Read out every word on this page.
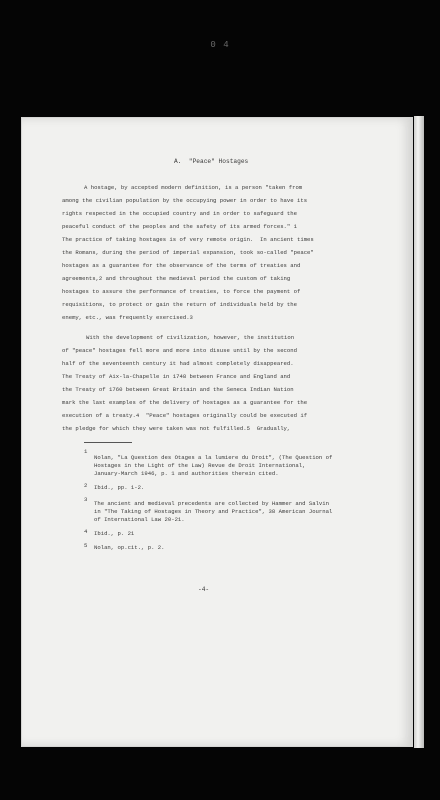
0 4
A.  "Peace" Hostages
A hostage, by accepted modern definition, is a person "taken from
among the civilian population by the occupying power in order to have its
rights respected in the occupied country and in order to safeguard the
peaceful conduct of the peoples and the safety of its armed forces." 1
The practice of taking hostages is of very remote origin.  In ancient times
the Romans, during the period of imperial expansion, took so-called "peace"
hostages as a guarantee for the observance of the terms of treaties and
agreements,2 and throughout the medieval period the custom of taking
hostages to assure the performance of treaties, to force the payment of
requisitions, to protect or gain the return of individuals held by the
enemy, etc., was frequently exercised.3
With the development of civilization, however, the institution
of "peace" hostages fell more and more into disuse until by the second
half of the seventeenth century it had almost completely disappeared.
The Treaty of Aix-la-Chapelle in 1748 between France and England and
the Treaty of 1760 between Great Britain and the Seneca Indian Nation
mark the last examples of the delivery of hostages as a guarantee for the
execution of a treaty.4  "Peace" hostages originally could be executed if
the pledge for which they were taken was not fulfilled.5  Gradually,
1
Nolan, "La Question des Otages a la lumiere du Droit", (The Question of
Hostages in the Light of the Law) Revue de Droit International,
January-March 1946, p. 1 and authorities therein cited.
2 Ibid., pp. 1-2.
3
The ancient and medieval precedents are collected by Hammer and Salvin
in "The Taking of Hostages in Theory and Practice", 38 American Journal
of International Law 20-21.
4 Ibid., p. 21
5 Nolan, op.cit., p. 2.
-4-
